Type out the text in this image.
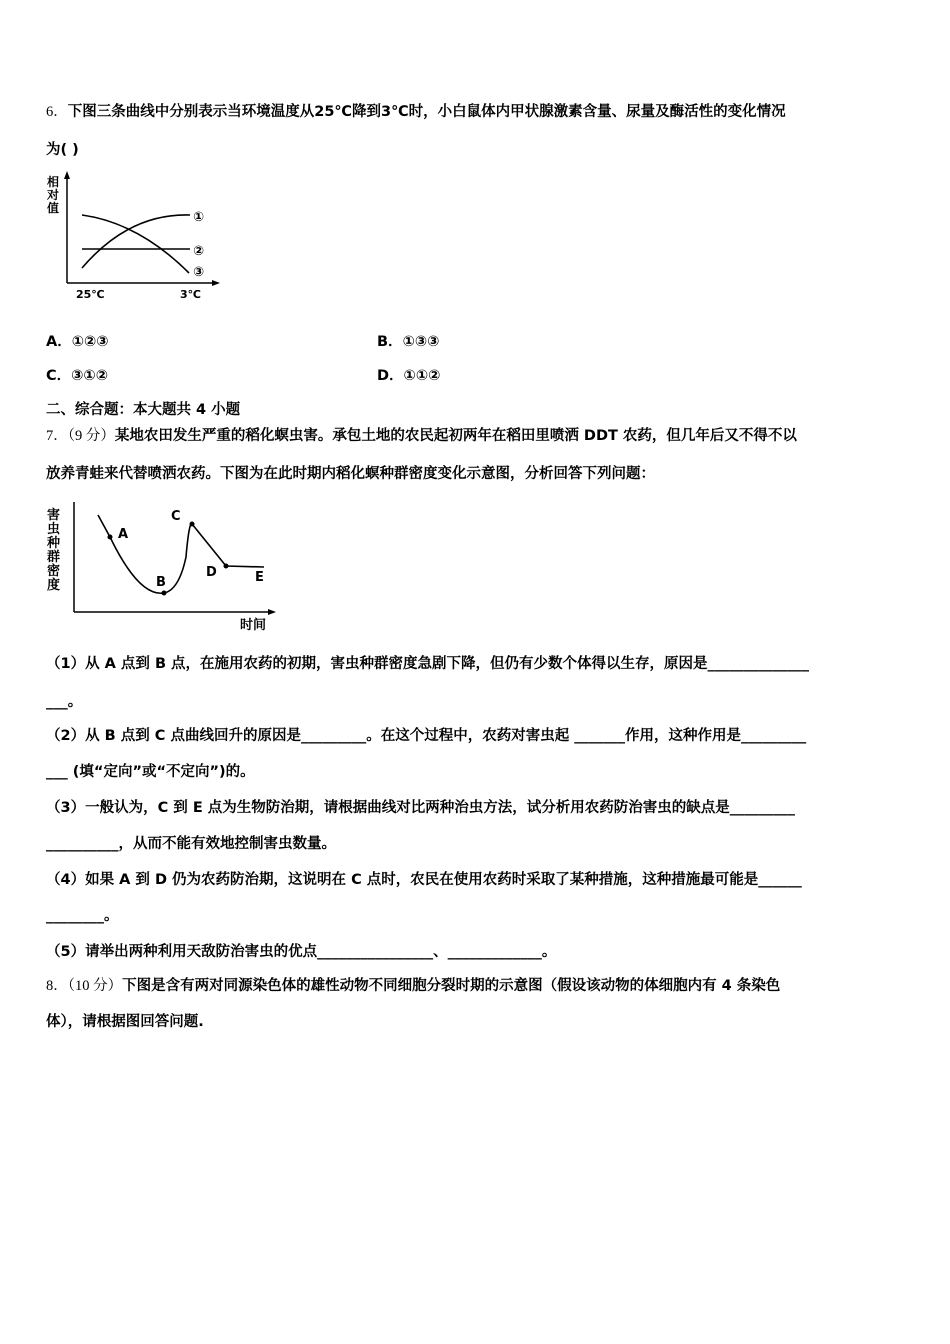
6．下图三条曲线中分别表示当环境温度从25℃降到3℃时，小白鼠体内甲状腺激素含量、尿量及酶活性的变化情况
为( )
相
对
值
①
②
③
25℃	3℃
A．①②③	B．①③③
C．③①②	D．①①②
二、综合题：本大题共 4 小题
7．（9 分）某地农田发生严重的稻化螟虫害。承包土地的农民起初两年在稻田里喷洒 DDT 农药，但几年后又不得不以
放养青蛙来代替喷洒农药。下图为在此时期内稻化螟种群密度变化示意图，分析回答下列问题：
A
B
C
D	E
害
虫
种
群
密
度
时间
（1）从 A 点到 B 点，在施用农药的初期，害虫种群密度急剧下降，但仍有少数个体得以生存，原因是______________
___。
（2）从 B 点到 C 点曲线回升的原因是_________。在这个过程中，农药对害虫起 _______作用，这种作用是_________
___ (填“定向”或“不定向”)的。
（3）一般认为，C 到 E 点为生物防治期，请根据曲线对比两种治虫方法，试分析用农药防治害虫的缺点是_________
__________，从而不能有效地控制害虫数量。
（4）如果 A 到 D 仍为农药防治期，这说明在 C 点时，农民在使用农药时采取了某种措施，这种措施最可能是______
________。
（5）请举出两种利用天敌防治害虫的优点________________、_____________。
8．（10 分）下图是含有两对同源染色体的雄性动物不同细胞分裂时期的示意图（假设该动物的体细胞内有 4 条染色
体），请根据图回答问题.
